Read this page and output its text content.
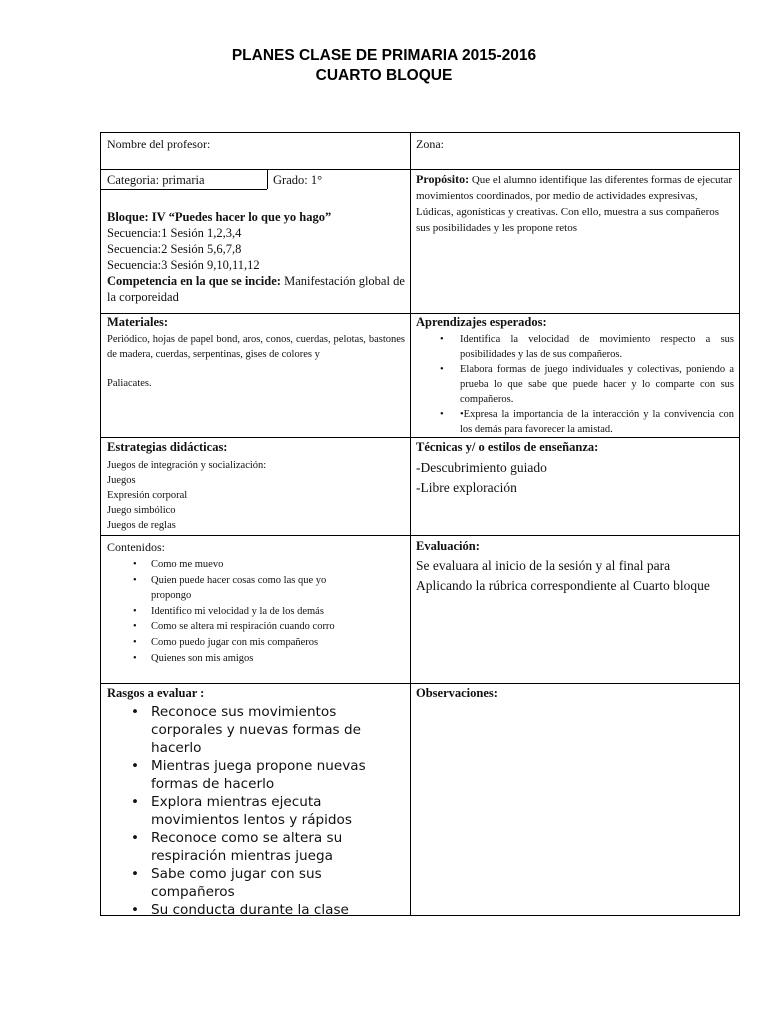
PLANES CLASE DE PRIMARIA 2015-2016
CUARTO BLOQUE
Nombre del profesor:	Zona:
Categoria: primaria	Grado: 1°
Bloque: IV “Puedes hacer lo que yo hago”
Secuencia:1 Sesión 1,2,3,4
Secuencia:2 Sesión 5,6,7,8
Secuencia:3 Sesión 9,10,11,12
Competencia en la que se incide: Manifestación global de la corporeidad
Propósito: Que el alumno identifique las diferentes formas de ejecutar movimientos coordinados, por medio de actividades expresivas, Lúdicas, agonísticas y creativas. Con ello, muestra a sus compañeros sus posibilidades y les propone retos
Materiales:
Periódico, hojas de papel bond, aros, conos, cuerdas, pelotas, bastones de madera, cuerdas, serpentinas, gises de colores y
Paliacates.
Aprendizajes esperados:
• Identifica la velocidad de movimiento respecto a sus posibilidades y las de sus compañeros.
• Elabora formas de juego individuales y colectivas, poniendo a prueba lo que sabe que puede hacer y lo comparte con sus compañeros.
• •Expresa la importancia de la interacción y la convivencia con los demás para favorecer la amistad.
Estrategias didácticas:
Juegos de integración y socialización:
Juegos
Expresión corporal
Juego simbólico
Juegos de reglas
Técnicas y/ o estilos de enseñanza:
-Descubrimiento guiado
-Libre exploración
Contenidos:
• Como me muevo
• Quien puede hacer cosas como las que yo propongo
• Identifico mi velocidad y la de los demás
• Como se altera mi respiración cuando corro
• Como puedo jugar con mis compañeros
• Quienes son mis amigos
Evaluación:
Se evaluara al inicio de la sesión y al final para Aplicando la rúbrica correspondiente al Cuarto bloque
Rasgos a evaluar :
• Reconoce sus movimientos corporales y nuevas formas de hacerlo
• Mientras juega propone nuevas formas de hacerlo
• Explora mientras ejecuta movimientos lentos y rápidos
• Reconoce como se altera su respiración mientras juega
• Sabe como jugar con sus compañeros
• Su conducta durante la clase
Observaciones:
